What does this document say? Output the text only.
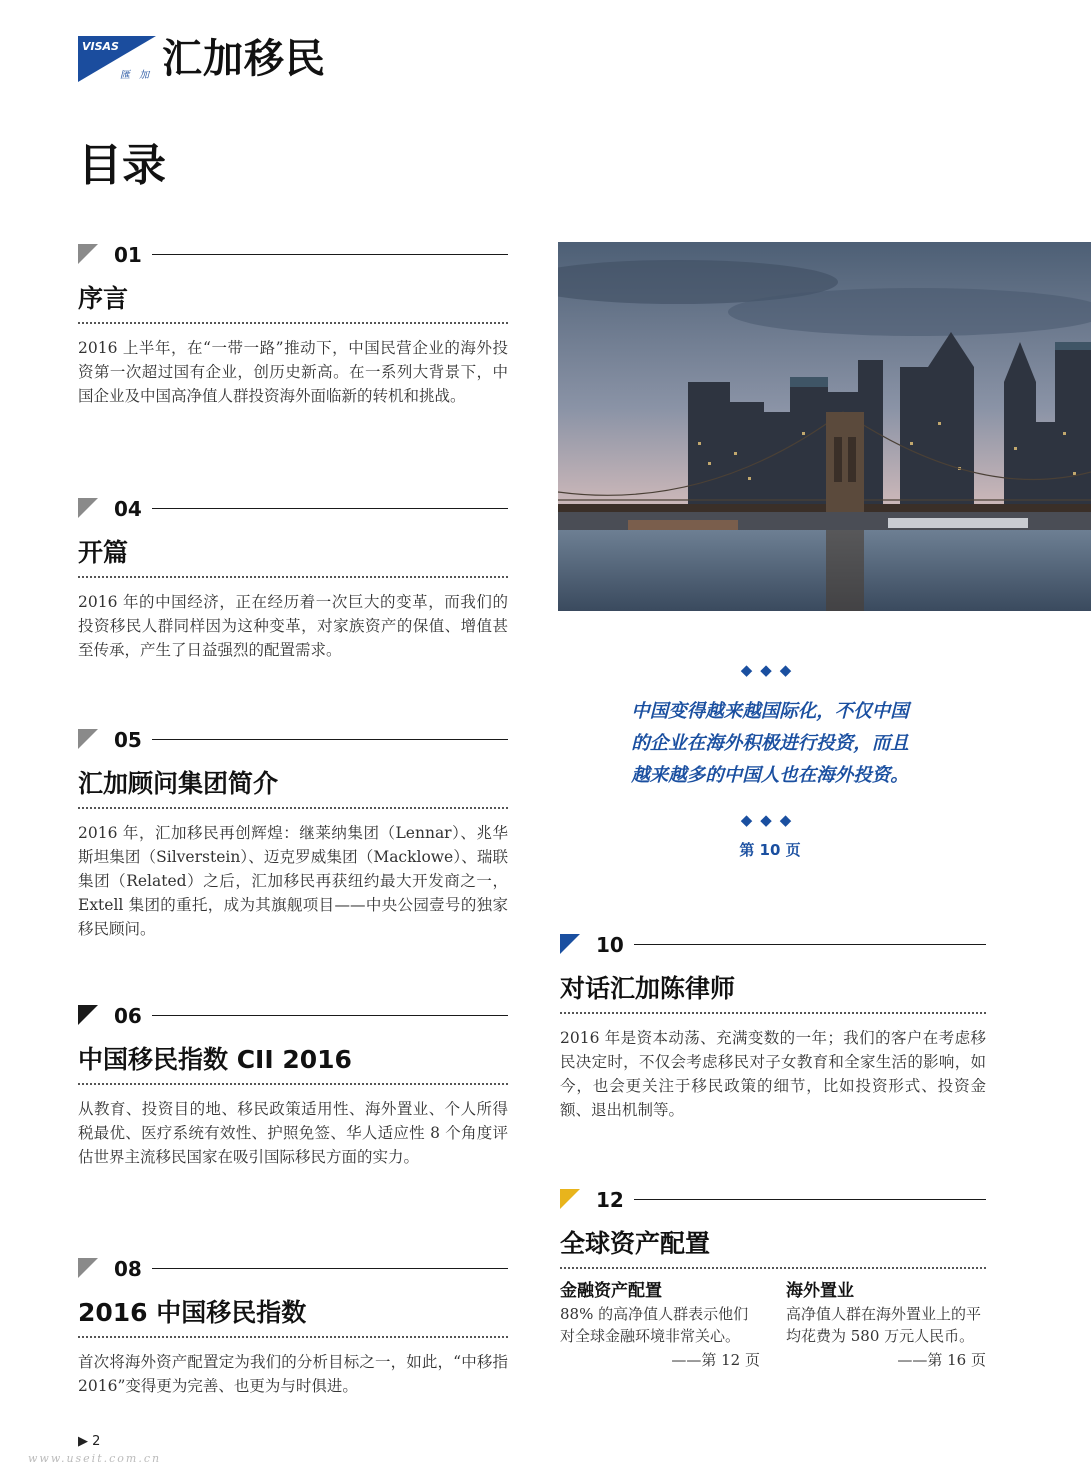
VISAS
匯 加 汇加移民
目录
01
序言
2016 上半年，在“一带一路”推动下，中国民营企业的海外投资第一次超过国有企业，创历史新高。在一系列大背景下，中国企业及中国高净值人群投资海外面临新的转机和挑战。
04
开篇
2016 年的中国经济，正在经历着一次巨大的变革，而我们的投资移民人群同样因为这种变革，对家族资产的保值、增值甚至传承，产生了日益强烈的配置需求。
05
汇加顾问集团简介
2016 年，汇加移民再创辉煌：继莱纳集团（Lennar）、兆华斯坦集团（Silverstein）、迈克罗威集团（Macklowe）、瑞联集团（Related）之后，汇加移民再获纽约最大开发商之一，Extell 集团的重托，成为其旗舰项目——中央公园壹号的独家移民顾问。
06
中国移民指数 CII 2016
从教育、投资目的地、移民政策适用性、海外置业、个人所得税最优、医疗系统有效性、护照免签、华人适应性 8 个角度评估世界主流移民国家在吸引国际移民方面的实力。
08
2016 中国移民指数
首次将海外资产配置定为我们的分析目标之一，如此，“中移指 2016”变得更为完善、也更为与时俱进。
◆◆◆
中国变得越来越国际化，不仅中国
的企业在海外积极进行投资，而且
越来越多的中国人也在海外投资。
◆◆◆
第 10 页
10
对话汇加陈律师
2016 年是资本动荡、充满变数的一年；我们的客户在考虑移民决定时，不仅会考虑移民对子女教育和全家生活的影响，如今，也会更关注于移民政策的细节，比如投资形式、投资金额、退出机制等。
12
全球资产配置
金融资产配置
88% 的高净值人群表示他们对全球金融环境非常关心。
——第 12 页
海外置业
高净值人群在海外置业上的平均花费为 580 万元人民币。
——第 16 页
▶ 2
www.useit.com.cn
